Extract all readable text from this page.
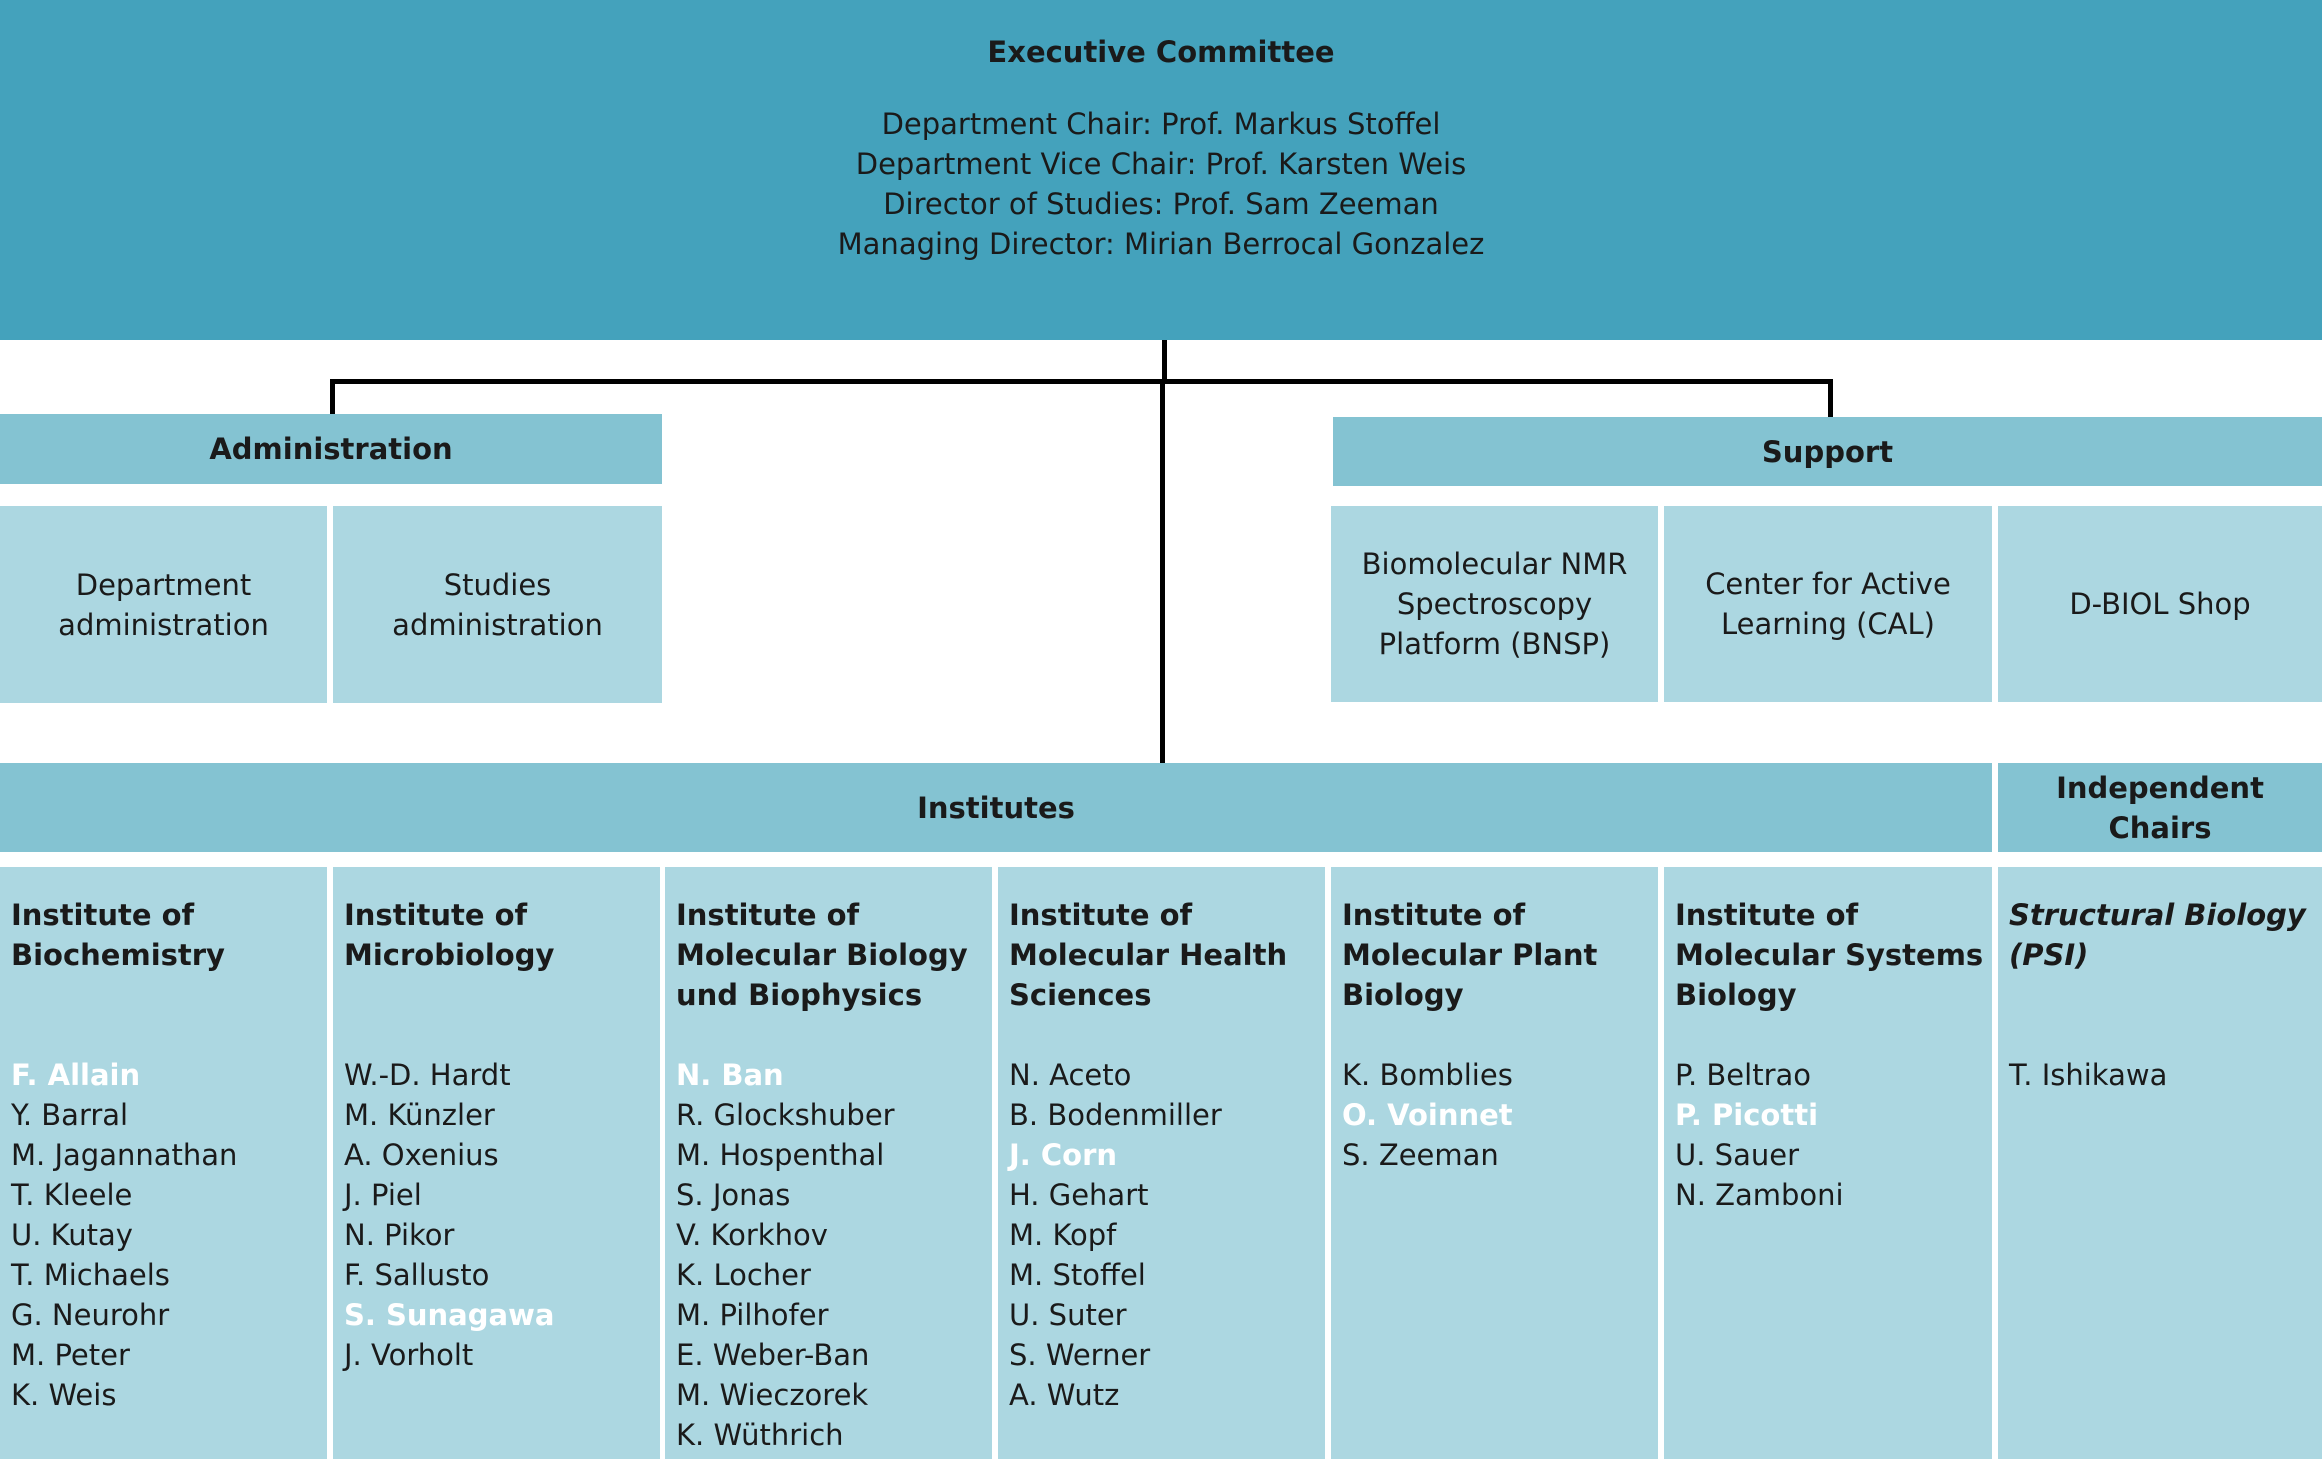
Executive Committee
Department Chair: Prof. Markus Stoffel
Department Vice Chair: Prof. Karsten Weis
Director of Studies: Prof. Sam Zeeman
Managing Director: Mirian Berrocal Gonzalez
Administration
Department
administration
Studies
administration
Support
Biomolecular NMR
Spectroscopy
Platform (BNSP)
Center for Active
Learning (CAL)
D-BIOL Shop
Institutes
Independent
Chairs
Institute of
Biochemistry
F. Allain
Y. Barral
M. Jagannathan
T. Kleele
U. Kutay
T. Michaels
G. Neurohr
M. Peter
K. Weis
Institute of
Microbiology
W.-D. Hardt
M. Künzler
A. Oxenius
J. Piel
N. Pikor
F. Sallusto
S. Sunagawa
J. Vorholt
Institute of
Molecular Biology
und Biophysics
N. Ban
R. Glockshuber
M. Hospenthal
S. Jonas
V. Korkhov
K. Locher
M. Pilhofer
E. Weber-Ban
M. Wieczorek
K. Wüthrich
Institute of
Molecular Health
Sciences
N. Aceto
B. Bodenmiller
J. Corn
H. Gehart
M. Kopf
M. Stoffel
U. Suter
S. Werner
A. Wutz
Institute of
Molecular Plant
Biology
K. Bomblies
O. Voinnet
S. Zeeman
Institute of
Molecular Systems
Biology
P. Beltrao
P. Picotti
U. Sauer
N. Zamboni
Structural Biology
(PSI)
T. Ishikawa
